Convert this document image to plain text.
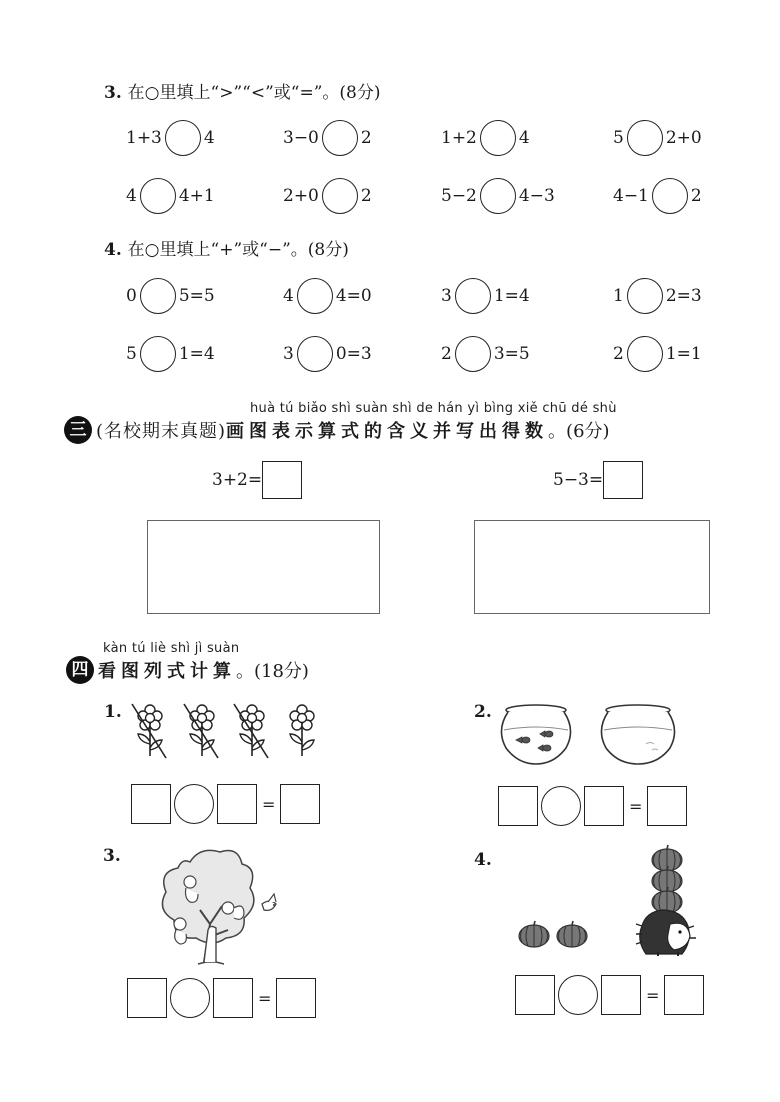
3. 在○里填上“>”“<”或“=”。(8分)
1+3 4	3−0 2	1+2 4	5 2+0
4 4+1	2+0 2	5−2 4−3	4−1 2
4. 在○里填上“+”或“−”。(8分)
0 5=5	4 4=0	3 1=4	1 2=3
5 1=4	3 0=3	2 3=5	2 1=1
huà tú biǎo shì suàn shì de hán yì bìng xiě chū dé shù
三 (名校期末真题)画图表示算式的含义并写出得数。(6分)
3+2=	5−3=
kàn tú liè shì jì suàn
四 看图列式计算。(18分)
1.	2.
=	=
3.	4.
=	=
